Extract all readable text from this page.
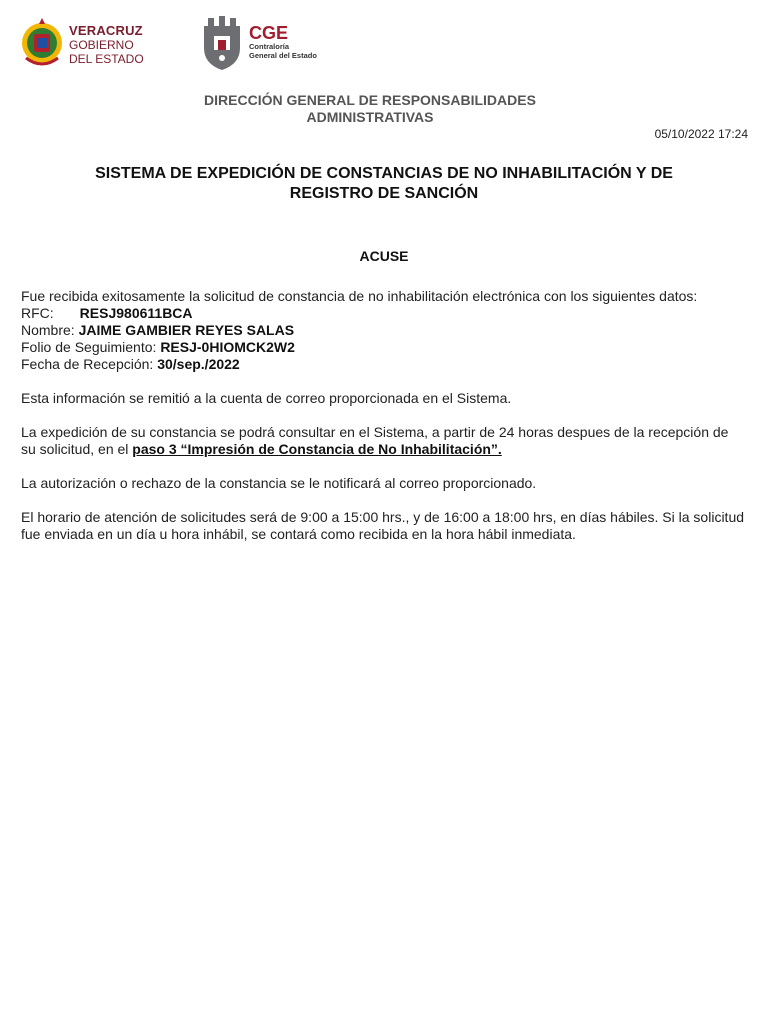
VERACRUZ
GOBIERNO
DEL ESTADO
CGE
Contraloría
General del Estado
DIRECCIÓN GENERAL DE RESPONSABILIDADES
ADMINISTRATIVAS
05/10/2022 17:24
SISTEMA DE EXPEDICIÓN DE CONSTANCIAS DE NO INHABILITACIÓN Y DE
REGISTRO DE SANCIÓN
ACUSE

Fue recibida exitosamente la solicitud de constancia de no inhabilitación electrónica con los siguientes datos:

RFC: RESJ980611BCA
Nombre: JAIME GAMBIER REYES SALAS
Folio de Seguimiento: RESJ-0HIOMCK2W2
Fecha de Recepción: 30/sep./2022

Esta información se remitió a la cuenta de correo proporcionada en el Sistema.

La expedición de su constancia se podrá consultar en el Sistema, a partir de 24 horas despues de la recepción de su solicitud, en el paso 3 “Impresión de Constancia de No Inhabilitación”.

La autorización o rechazo de la constancia se le notificará al correo proporcionado.

El horario de atención de solicitudes será de 9:00 a 15:00 hrs., y de 16:00 a 18:00 hrs, en días hábiles. Si la solicitud fue enviada en un día u hora inhábil, se contará como recibida en la hora hábil inmediata.
